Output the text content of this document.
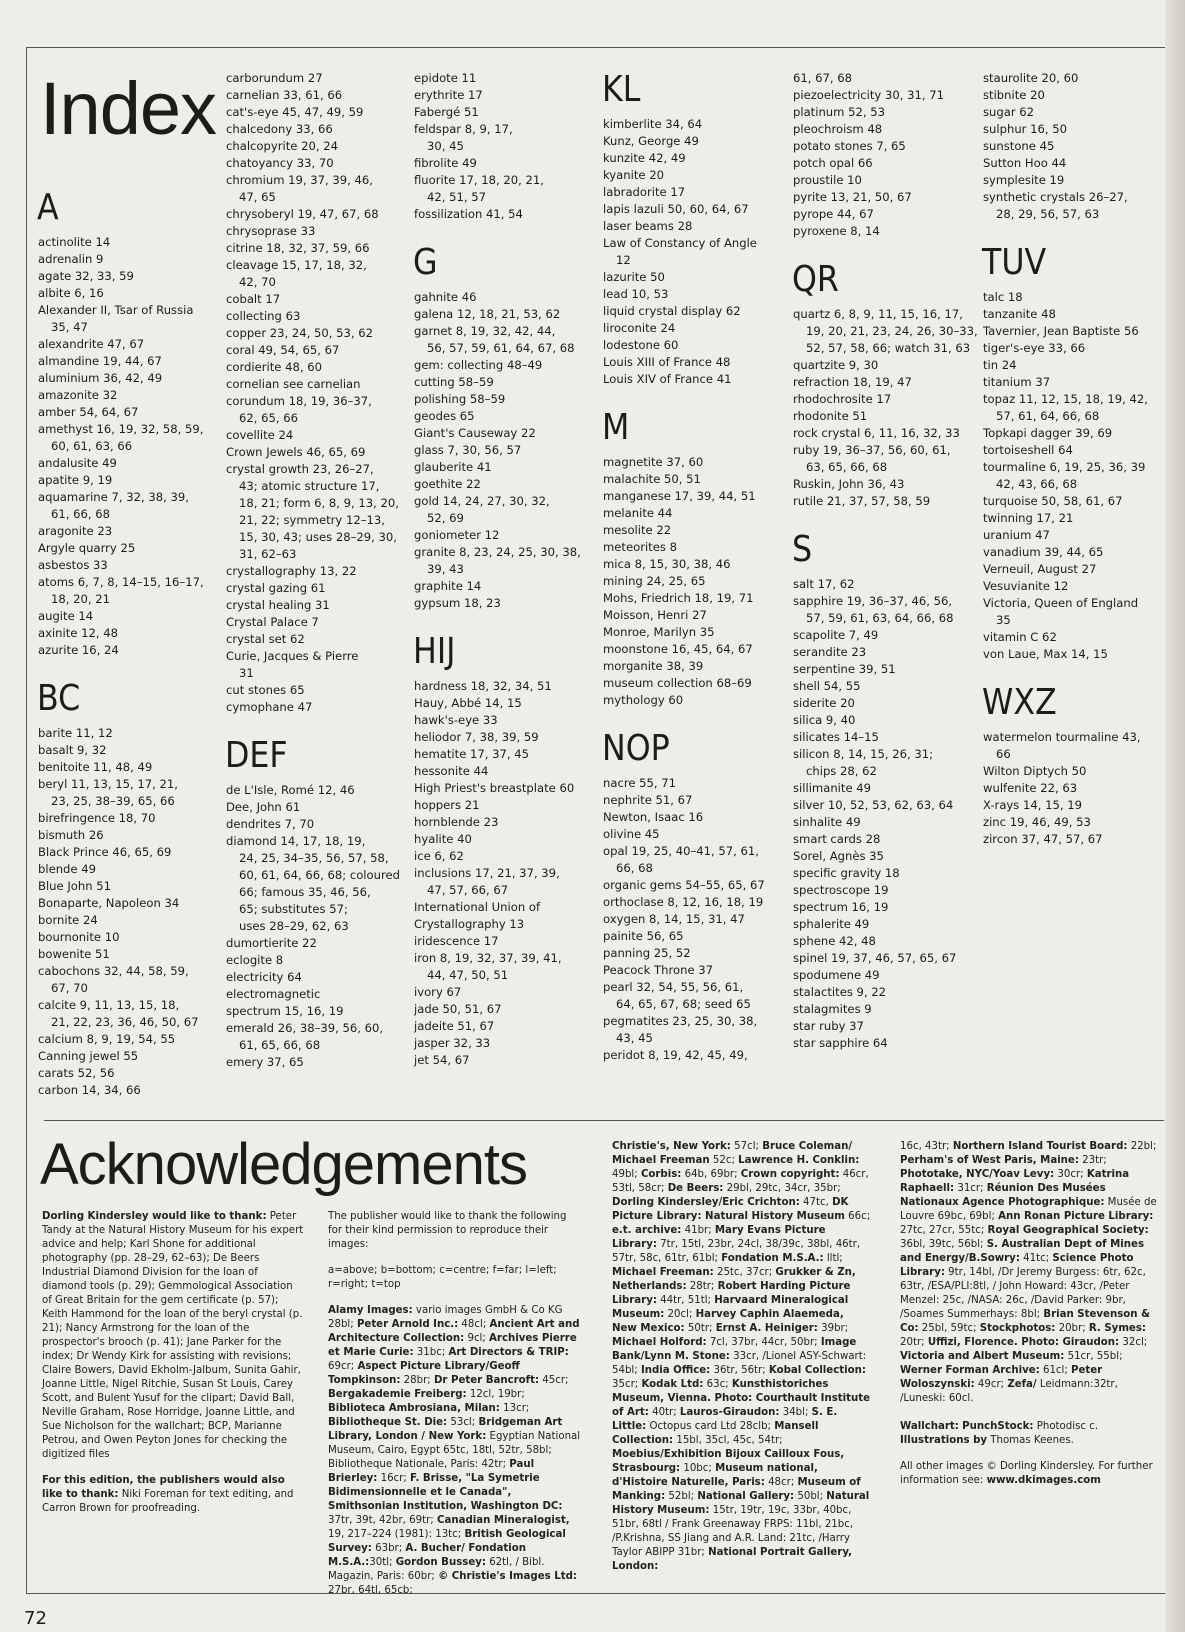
Index
A
actinolite 14
adrenalin 9
agate 32, 33, 59
albite 6, 16
Alexander II, Tsar of Russia
35, 47
alexandrite 47, 67
almandine 19, 44, 67
aluminium 36, 42, 49
amazonite 32
amber 54, 64, 67
amethyst 16, 19, 32, 58, 59,
60, 61, 63, 66
andalusite 49
apatite 9, 19
aquamarine 7, 32, 38, 39,
61, 66, 68
aragonite 23
Argyle quarry 25
asbestos 33
atoms 6, 7, 8, 14–15, 16–17,
18, 20, 21
augite 14
axinite 12, 48
azurite 16, 24
BC
barite 11, 12
basalt 9, 32
benitoite 11, 48, 49
beryl 11, 13, 15, 17, 21,
23, 25, 38–39, 65, 66
birefringence 18, 70
bismuth 26
Black Prince 46, 65, 69
blende 49
Blue John 51
Bonaparte, Napoleon 34
bornite 24
bournonite 10
bowenite 51
cabochons 32, 44, 58, 59,
67, 70
calcite 9, 11, 13, 15, 18,
21, 22, 23, 36, 46, 50, 67
calcium 8, 9, 19, 54, 55
Canning jewel 55
carats 52, 56
carbon 14, 34, 66
carborundum 27
carnelian 33, 61, 66
cat's-eye 45, 47, 49, 59
chalcedony 33, 66
chalcopyrite 20, 24
chatoyancy 33, 70
chromium 19, 37, 39, 46,
47, 65
chrysoberyl 19, 47, 67, 68
chrysoprase 33
citrine 18, 32, 37, 59, 66
cleavage 15, 17, 18, 32,
42, 70
cobalt 17
collecting 63
copper 23, 24, 50, 53, 62
coral 49, 54, 65, 67
cordierite 48, 60
cornelian see carnelian
corundum 18, 19, 36–37,
62, 65, 66
covellite 24
Crown Jewels 46, 65, 69
crystal growth 23, 26–27,
43; atomic structure 17,
18, 21; form 6, 8, 9, 13, 20,
21, 22; symmetry 12–13,
15, 30, 43; uses 28–29, 30,
31, 62–63
crystallography 13, 22
crystal gazing 61
crystal healing 31
Crystal Palace 7
crystal set 62
Curie, Jacques & Pierre
31
cut stones 65
cymophane 47
DEF
de L'Isle, Romé 12, 46
Dee, John 61
dendrites 7, 70
diamond 14, 17, 18, 19,
24, 25, 34–35, 56, 57, 58,
60, 61, 64, 66, 68; coloured
66; famous 35, 46, 56,
65; substitutes 57;
uses 28–29, 62, 63
dumortierite 22
eclogite 8
electricity 64
electromagnetic
spectrum 15, 16, 19
emerald 26, 38–39, 56, 60,
61, 65, 66, 68
emery 37, 65
epidote 11
erythrite 17
Fabergé 51
feldspar 8, 9, 17,
30, 45
fibrolite 49
fluorite 17, 18, 20, 21,
42, 51, 57
fossilization 41, 54
G
gahnite 46
galena 12, 18, 21, 53, 62
garnet 8, 19, 32, 42, 44,
56, 57, 59, 61, 64, 67, 68
gem: collecting 48–49
cutting 58–59
polishing 58–59
geodes 65
Giant's Causeway 22
glass 7, 30, 56, 57
glauberite 41
goethite 22
gold 14, 24, 27, 30, 32,
52, 69
goniometer 12
granite 8, 23, 24, 25, 30, 38,
39, 43
graphite 14
gypsum 18, 23
HIJ
hardness 18, 32, 34, 51
Hauy, Abbé 14, 15
hawk's-eye 33
heliodor 7, 38, 39, 59
hematite 17, 37, 45
hessonite 44
High Priest's breastplate 60
hoppers 21
hornblende 23
hyalite 40
ice 6, 62
inclusions 17, 21, 37, 39,
47, 57, 66, 67
International Union of
Crystallography 13
iridescence 17
iron 8, 19, 32, 37, 39, 41,
44, 47, 50, 51
ivory 67
jade 50, 51, 67
jadeite 51, 67
jasper 32, 33
jet 54, 67
KL
kimberlite 34, 64
Kunz, George 49
kunzite 42, 49
kyanite 20
labradorite 17
lapis lazuli 50, 60, 64, 67
laser beams 28
Law of Constancy of Angle
12
lazurite 50
lead 10, 53
liquid crystal display 62
liroconite 24
lodestone 60
Louis XIII of France 48
Louis XIV of France 41
M
magnetite 37, 60
malachite 50, 51
manganese 17, 39, 44, 51
melanite 44
mesolite 22
meteorites 8
mica 8, 15, 30, 38, 46
mining 24, 25, 65
Mohs, Friedrich 18, 19, 71
Moisson, Henri 27
Monroe, Marilyn 35
moonstone 16, 45, 64, 67
morganite 38, 39
museum collection 68–69
mythology 60
NOP
nacre 55, 71
nephrite 51, 67
Newton, Isaac 16
olivine 45
opal 19, 25, 40–41, 57, 61,
66, 68
organic gems 54–55, 65, 67
orthoclase 8, 12, 16, 18, 19
oxygen 8, 14, 15, 31, 47
painite 56, 65
panning 25, 52
Peacock Throne 37
pearl 32, 54, 55, 56, 61,
64, 65, 67, 68; seed 65
pegmatites 23, 25, 30, 38,
43, 45
peridot 8, 19, 42, 45, 49,
61, 67, 68
piezoelectricity 30, 31, 71
platinum 52, 53
pleochroism 48
potato stones 7, 65
potch opal 66
proustile 10
pyrite 13, 21, 50, 67
pyrope 44, 67
pyroxene 8, 14
QR
quartz 6, 8, 9, 11, 15, 16, 17,
19, 20, 21, 23, 24, 26, 30–33,
52, 57, 58, 66; watch 31, 63
quartzite 9, 30
refraction 18, 19, 47
rhodochrosite 17
rhodonite 51
rock crystal 6, 11, 16, 32, 33
ruby 19, 36–37, 56, 60, 61,
63, 65, 66, 68
Ruskin, John 36, 43
rutile 21, 37, 57, 58, 59
S
salt 17, 62
sapphire 19, 36–37, 46, 56,
57, 59, 61, 63, 64, 66, 68
scapolite 7, 49
serandite 23
serpentine 39, 51
shell 54, 55
siderite 20
silica 9, 40
silicates 14–15
silicon 8, 14, 15, 26, 31;
chips 28, 62
sillimanite 49
silver 10, 52, 53, 62, 63, 64
sinhalite 49
smart cards 28
Sorel, Agnès 35
specific gravity 18
spectroscope 19
spectrum 16, 19
sphalerite 49
sphene 42, 48
spinel 19, 37, 46, 57, 65, 67
spodumene 49
stalactites 9, 22
stalagmites 9
star ruby 37
star sapphire 64
staurolite 20, 60
stibnite 20
sugar 62
sulphur 16, 50
sunstone 45
Sutton Hoo 44
symplesite 19
synthetic crystals 26–27,
28, 29, 56, 57, 63
TUV
talc 18
tanzanite 48
Tavernier, Jean Baptiste 56
tiger's-eye 33, 66
tin 24
titanium 37
topaz 11, 12, 15, 18, 19, 42,
57, 61, 64, 66, 68
Topkapi dagger 39, 69
tortoiseshell 64
tourmaline 6, 19, 25, 36, 39
42, 43, 66, 68
turquoise 50, 58, 61, 67
twinning 17, 21
uranium 47
vanadium 39, 44, 65
Verneuil, August 27
Vesuvianite 12
Victoria, Queen of England
35
vitamin C 62
von Laue, Max 14, 15
WXZ
watermelon tourmaline 43,
66
Wilton Diptych 50
wulfenite 22, 63
X-rays 14, 15, 19
zinc 19, 46, 49, 53
zircon 37, 47, 57, 67
Acknowledgements

Dorling Kindersley would like to thank: Peter Tandy at the Natural History Museum for his expert advice and help; Karl Shone for additional photography (pp. 28–29, 62–63); De Beers Industrial Diamond Division for the loan of diamond tools (p. 29); Gemmological Association of Great Britain for the gem certificate (p. 57); Keith Hammond for the loan of the beryl crystal (p. 21); Nancy Armstrong for the loan of the prospector's brooch (p. 41); Jane Parker for the index; Dr Wendy Kirk for assisting with revisions; Claire Bowers, David Ekholm-Jalbum, Sunita Gahir, Joanne Little, Nigel Ritchie, Susan St Louis, Carey Scott, and Bulent Yusuf for the clipart; David Ball, Neville Graham, Rose Horridge, Joanne Little, and Sue Nicholson for the wallchart; BCP, Marianne Petrou, and Owen Peyton Jones for checking the digitized files

For this edition, the publishers would also like to thank: Niki Foreman for text editing, and Carron Brown for proofreading.

The publisher would like to thank the following for their kind permission to reproduce their images:

a=above; b=bottom; c=centre; f=far; l=left; r=right; t=top

Alamy Images: vario images GmbH & Co KG 28bl; Peter Arnold Inc.: 48cl; Ancient Art and Architecture Collection: 9cl; Archives Pierre et Marie Curie: 31bc; Art Directors & TRIP: 69cr; Aspect Picture Library/Geoff Tompkinson: 28br; Dr Peter Bancroft: 45cr; Bergakademie Freiberg: 12cl, 19br; Biblioteca Ambrosiana, Milan: 13cr; Bibliotheque St. Die: 53cl; Bridgeman Art Library, London / New York: Egyptian National Museum, Cairo, Egypt 65tc, 18tl, 52tr, 58bl; Bibliotheque Nationale, Paris: 42tr; Paul Brierley: 16cr; F. Brisse, "La Symetrie Bidimensionnelle et le Canada", Smithsonian Institution, Washington DC: 37tr, 39t, 42br, 69tr; Canadian Mineralogist, 19, 217–224 (1981): 13tc; British Geological Survey: 63br; A. Bucher/ Fondation M.S.A.:30tl; Gordon Bussey: 62tl, / Bibl. Magazin, Paris: 60br; © Christie's Images Ltd: 27br, 64tl, 65cb;

Christie's, New York: 57cl; Bruce Coleman/ Michael Freeman 52c; Lawrence H. Conklin: 49bl; Corbis: 64b, 69br; Crown copyright: 46cr, 53tl, 58cr; De Beers: 29bl, 29tc, 34cr, 35br; Dorling Kindersley/Eric Crichton: 47tc, DK Picture Library: Natural History Museum 66c; e.t. archive: 41br; Mary Evans Picture Library: 7tr, 15tl, 23br, 24cl, 38/39c, 38bl, 46tr, 57tr, 58c, 61tr, 61bl; Fondation M.S.A.: lltl; Michael Freeman: 25tc, 37cr; Grukker & Zn, Netherlands: 28tr; Robert Harding Picture Library: 44tr, 51tl; Harvaard Mineralogical Museum: 20cl; Harvey Caphin Alaemeda, New Mexico: 50tr; Ernst A. Heiniger: 39br; Michael Holford: 7cl, 37br, 44cr, 50br; Image Bank/Lynn M. Stone: 33cr, /Lionel ASY-Schwart: 54bl; India Office: 36tr, 56tr; Kobal Collection: 35cr; Kodak Ltd: 63c; Kunsthistoriches Museum, Vienna. Photo: Courthault Institute of Art: 40tr; Lauros-Giraudon: 34bl; S. E. Little: Octopus card Ltd 28clb; Mansell Collection: 15bl, 35cl, 45c, 54tr; Moebius/Exhibition Bijoux Cailloux Fous, Strasbourg: 10bc; Museum national, d'Histoire Naturelle, Paris: 48cr; Museum of Manking: 52bl; National Gallery: 50bl; Natural History Museum: 15tr, 19tr, 19c, 33br, 40bc, 51br, 68tl / Frank Greenaway FRPS: 11bl, 21bc, /P.Krishna, SS Jiang and A.R. Land: 21tc, /Harry Taylor ABIPP 31br; National Portrait Gallery, London:

16c, 43tr; Northern Island Tourist Board: 22bl; Perham's of West Paris, Maine: 23tr; Phototake, NYC/Yoav Levy: 30cr; Katrina Raphaell: 31cr; Réunion Des Musées Nationaux Agence Photographique: Musée de Louvre 69bc, 69bl; Ann Ronan Picture Library: 27tc, 27cr, 55tc; Royal Geographical Society: 36bl, 39tc, 56bl; S. Australian Dept of Mines and Energy/B.Sowry: 41tc; Science Photo Library: 9tr, 14bl, /Dr Jeremy Burgess: 6tr, 62c, 63tr, /ESA/PLI:8tl, / John Howard: 43cr, /Peter Menzel: 25c, /NASA: 26c, /David Parker: 9br, /Soames Summerhays: 8bl; Brian Stevenson & Co: 25bl, 59tc; Stockphotos: 20br; R. Symes: 20tr; Uffizi, Florence. Photo: Giraudon: 32cl; Victoria and Albert Museum: 51cr, 55bl; Werner Forman Archive: 61cl; Peter Woloszynski: 49cr; Zefa/ Leidmann:32tr, /Luneski: 60cl.

Wallchart: PunchStock: Photodisc c. Illustrations by Thomas Keenes.

All other images © Dorling Kindersley. For further information see: www.dkimages.com

72
